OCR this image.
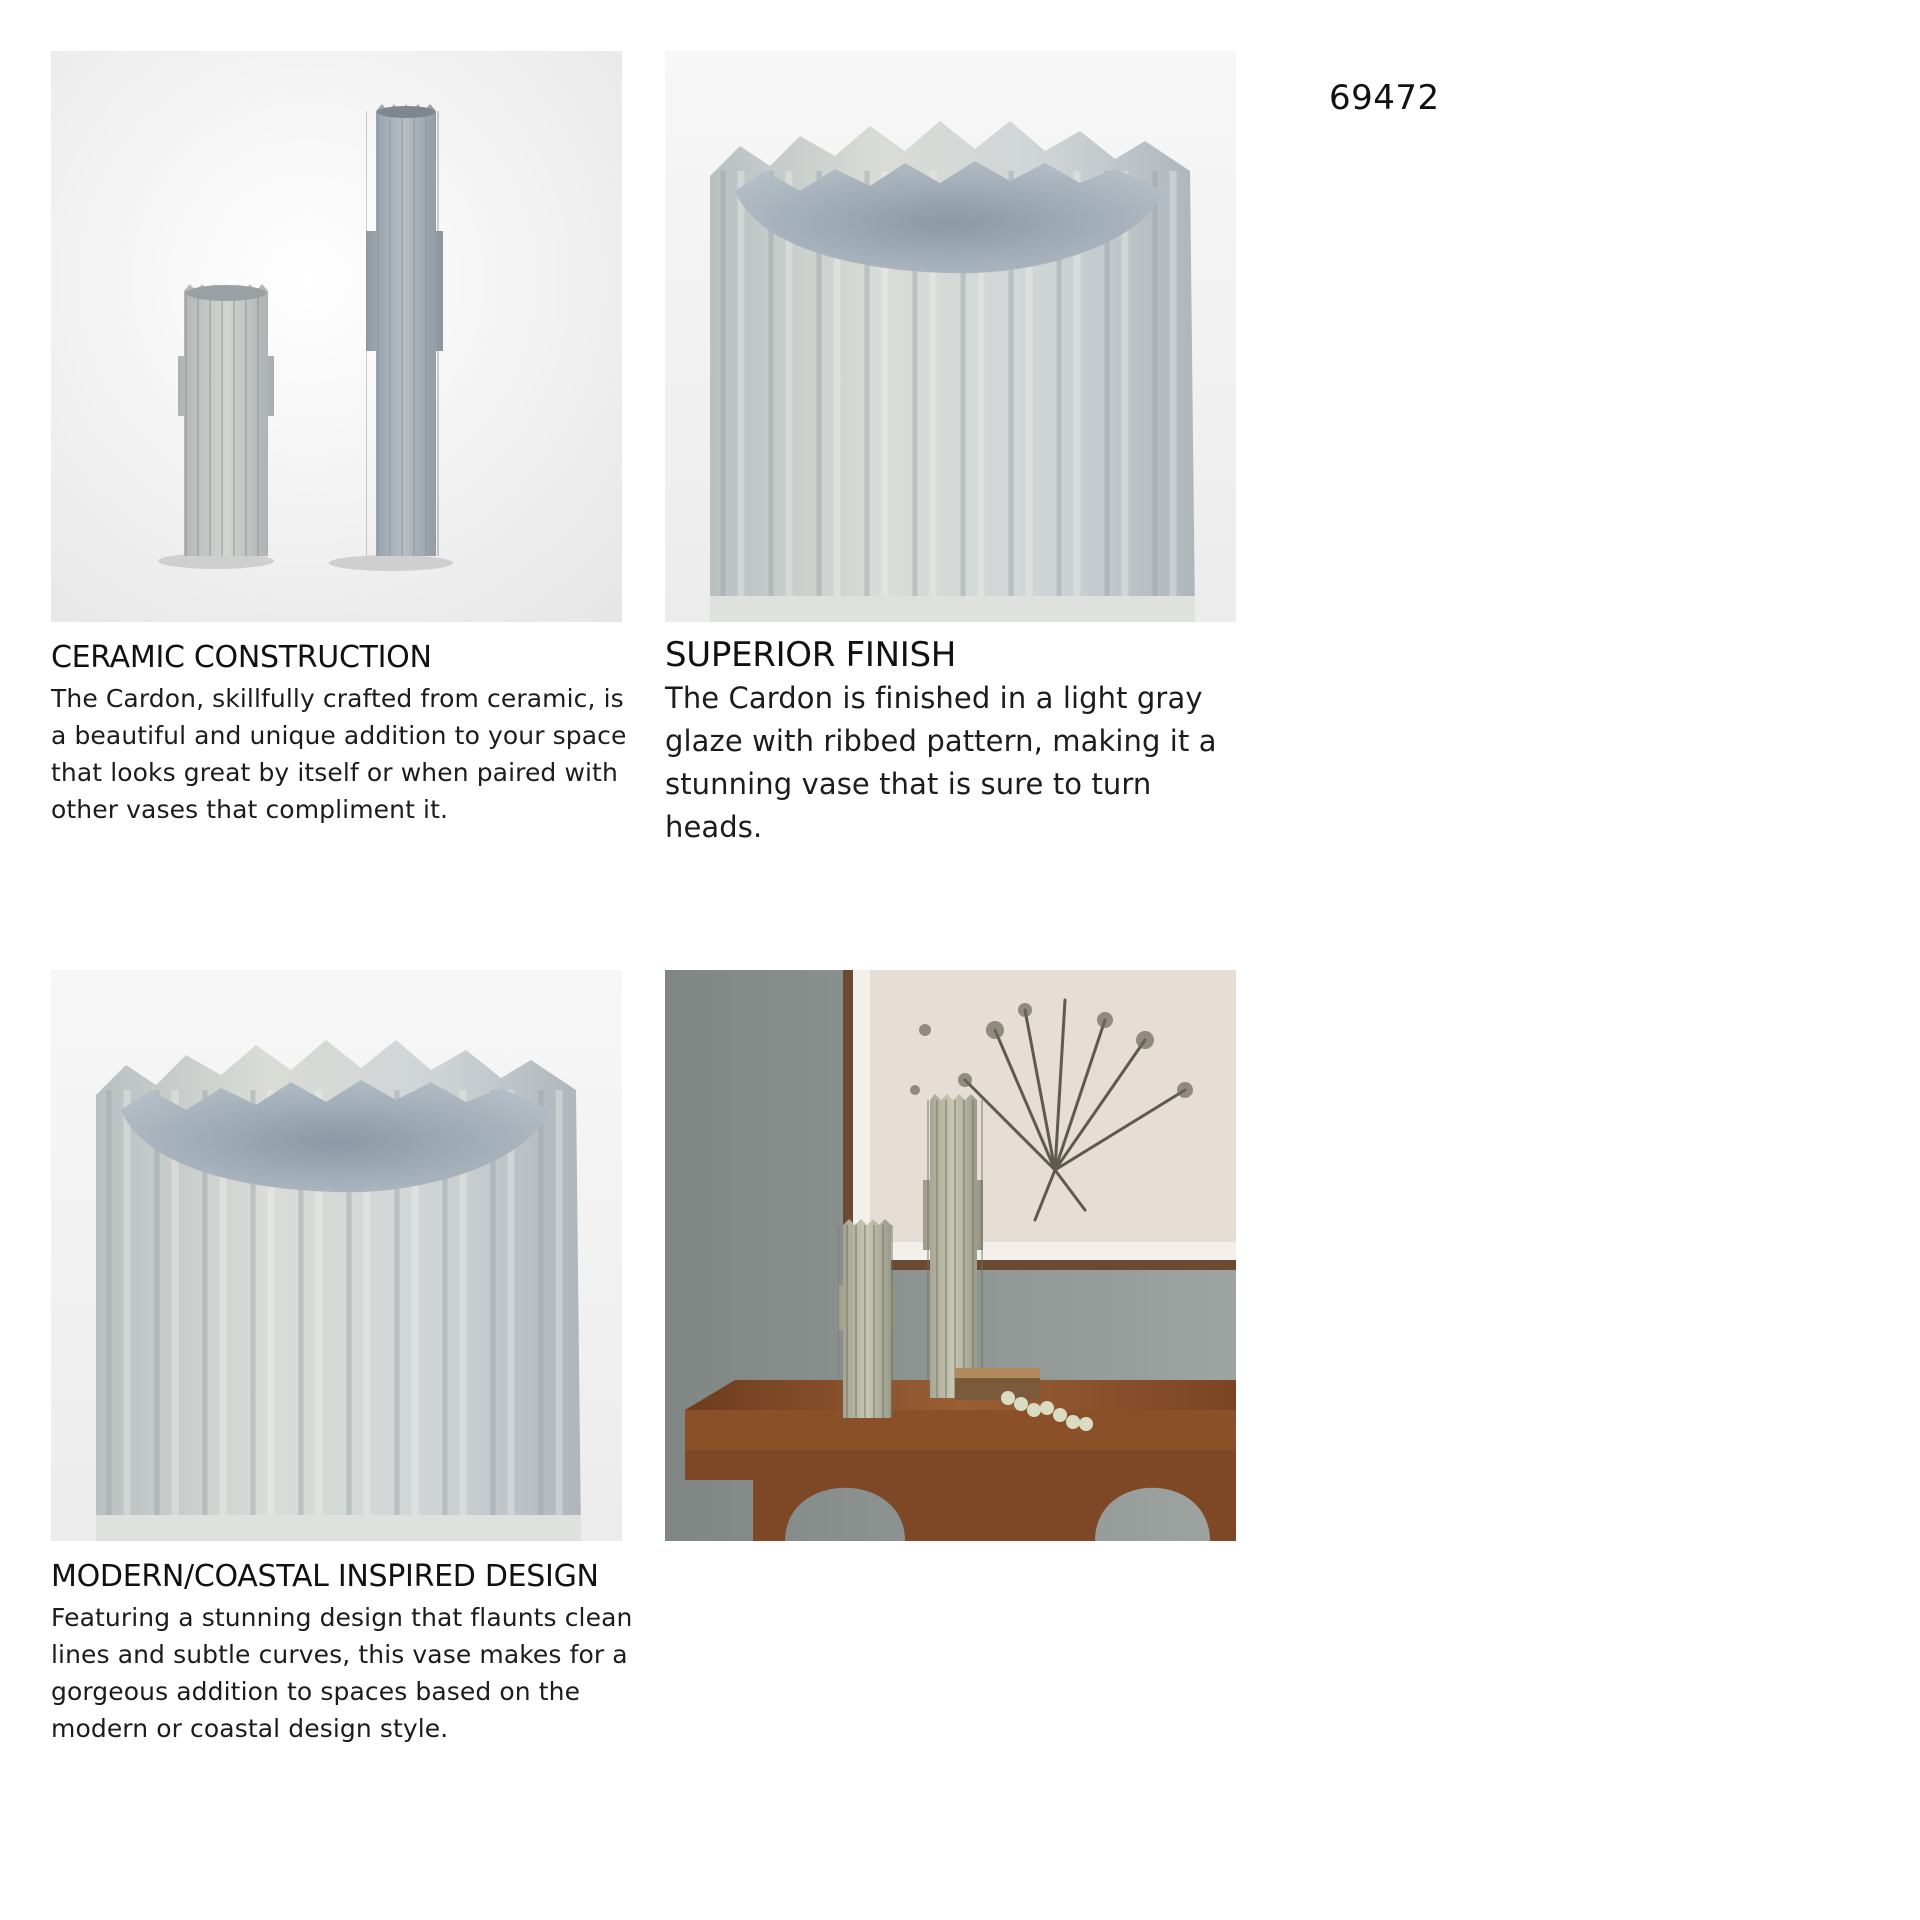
69472
CERAMIC CONSTRUCTION

The Cardon, skillfully crafted from ceramic, is a beautiful and unique addition to your space that looks great by itself or when paired with other vases that compliment it.

SUPERIOR FINISH

The Cardon is finished in a light gray glaze with ribbed pattern, making it a stunning vase that is sure to turn heads.

MODERN/COASTAL INSPIRED DESIGN

Featuring a stunning design that flaunts clean lines and subtle curves, this vase makes for a gorgeous addition to spaces based on the modern or coastal design style.
